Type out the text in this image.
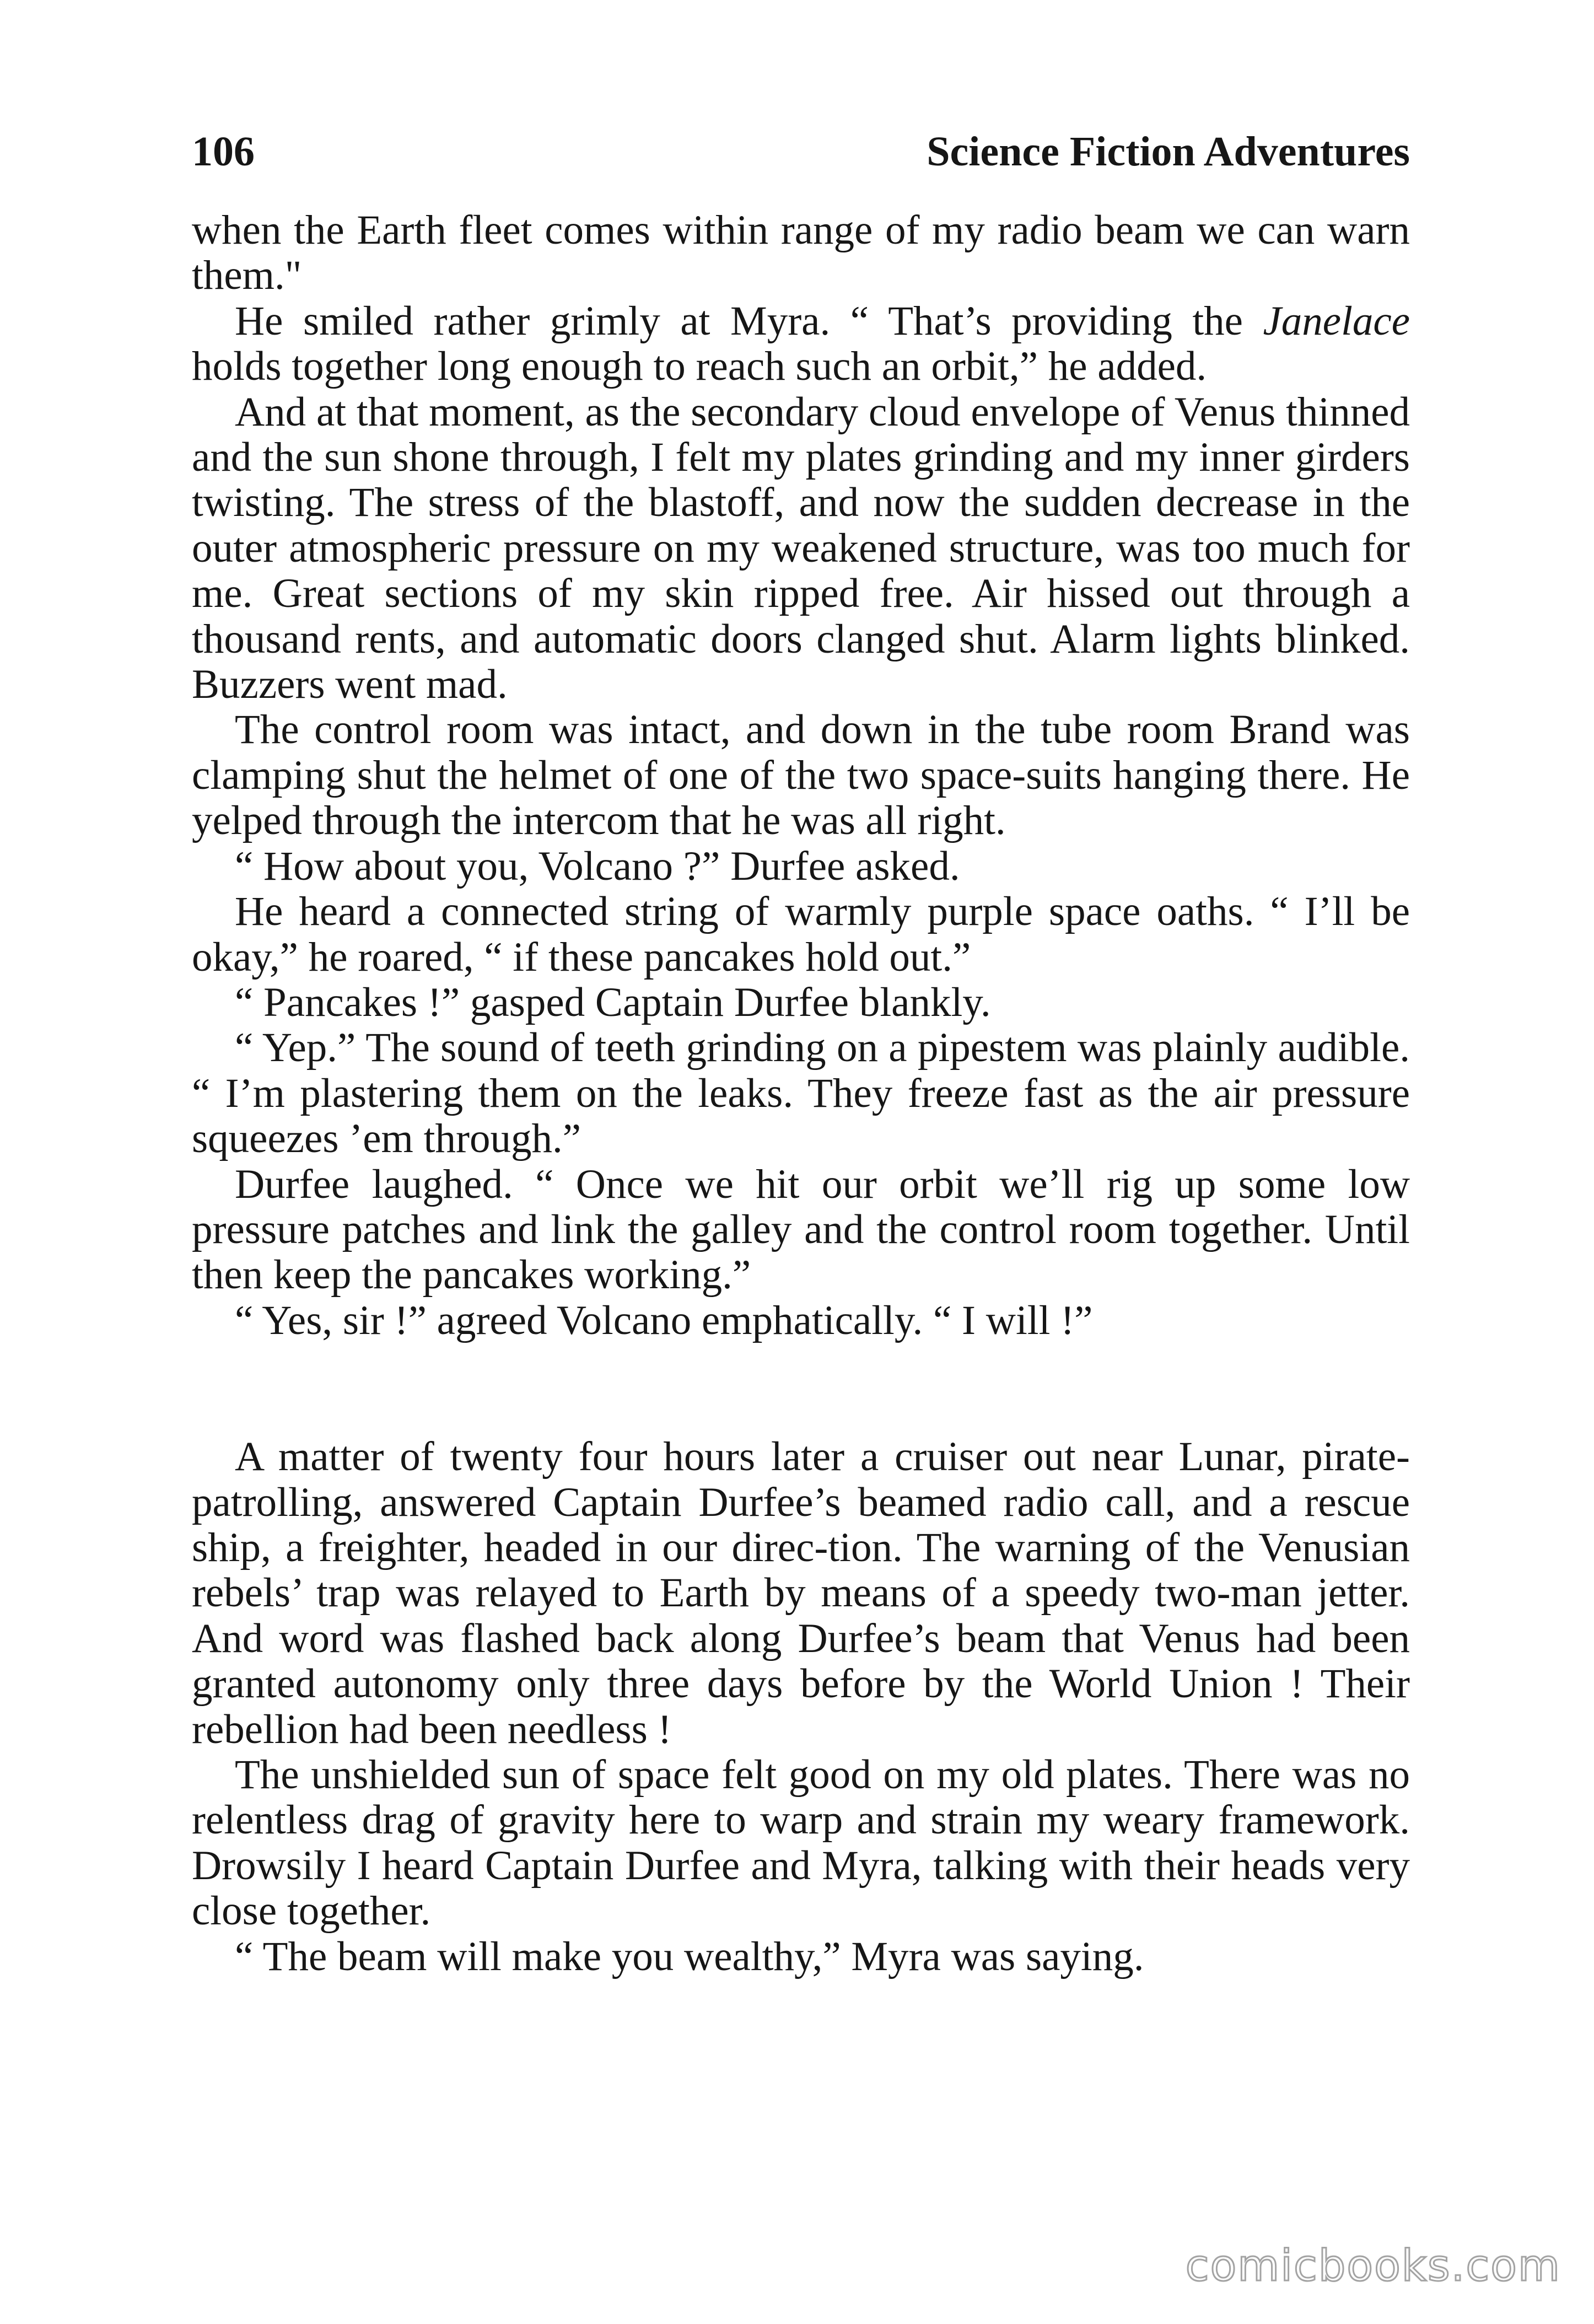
106	Science Fiction Adventures

when the Earth fleet comes within range of my radio beam we can warn them."

He smiled rather grimly at Myra. “ That’s providing the Janelace holds together long enough to reach such an orbit,” he added.

And at that moment, as the secondary cloud envelope of Venus thinned and the sun shone through, I felt my plates grinding and my inner girders twisting. The stress of the blastoff, and now the sudden decrease in the outer atmospheric pressure on my weakened structure, was too much for me. Great sections of my skin ripped free. Air hissed out through a thousand rents, and automatic doors clanged shut. Alarm lights blinked. Buzzers went mad.

The control room was intact, and down in the tube room Brand was clamping shut the helmet of one of the two space-suits hanging there. He yelped through the intercom that he was all right.

“ How about you, Volcano ?” Durfee asked.

He heard a connected string of warmly purple space oaths. “ I’ll be okay,” he roared, “ if these pancakes hold out.”

“ Pancakes !” gasped Captain Durfee blankly.

“ Yep.” The sound of teeth grinding on a pipestem was plainly audible. “ I’m plastering them on the leaks. They freeze fast as the air pressure squeezes ’em through.”

Durfee laughed. “ Once we hit our orbit we’ll rig up some low pressure patches and link the galley and the control room together. Until then keep the pancakes working.”

“ Yes, sir !” agreed Volcano emphatically. “ I will !”

A matter of twenty four hours later a cruiser out near Lunar, pirate-patrolling, answered Captain Durfee’s beamed radio call, and a rescue ship, a freighter, headed in our direc-tion. The warning of the Venusian rebels’ trap was relayed to Earth by means of a speedy two-man jetter. And word was flashed back along Durfee’s beam that Venus had been granted autonomy only three days before by the World Union ! Their rebellion had been needless !

The unshielded sun of space felt good on my old plates. There was no relentless drag of gravity here to warp and strain my weary framework. Drowsily I heard Captain Durfee and Myra, talking with their heads very close together.

“ The beam will make you wealthy,” Myra was saying.

comicbooks.com
